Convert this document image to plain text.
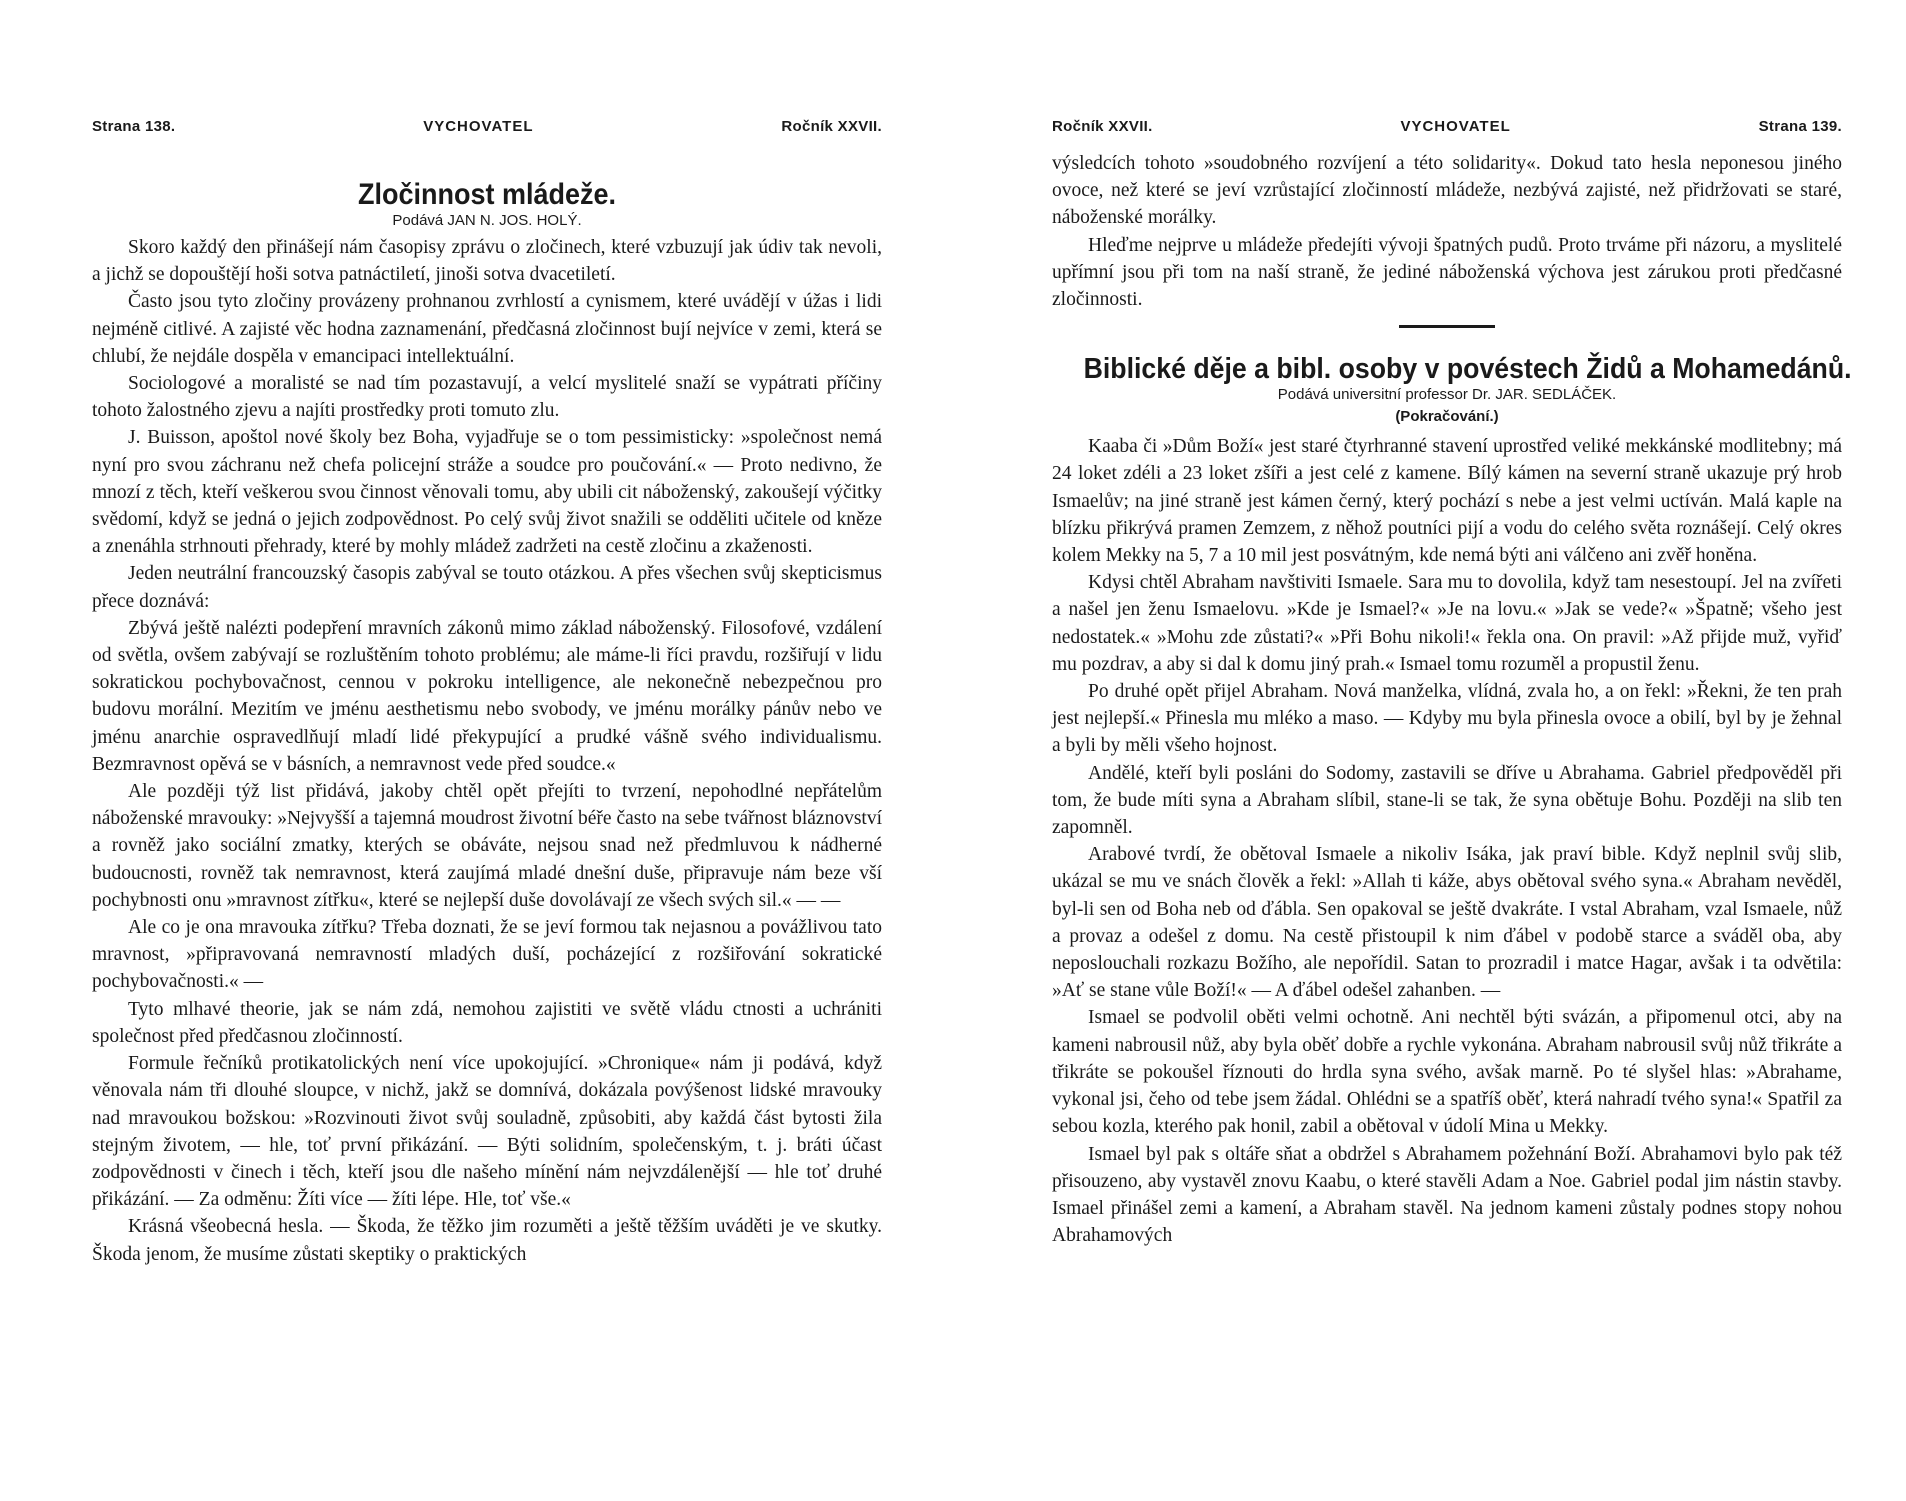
Strana 138.	VYCHOVATEL	Ročník XXVII.
Zločinnost mládeže.
Podává JAN N. JOS. HOLÝ.

Skoro každý den přinášejí nám časopisy zprávu o zločinech, které vzbuzují jak údiv tak nevoli, a jichž se dopouštějí hoši sotva patnáctiletí, jinoši sotva dvacetiletí.

Často jsou tyto zločiny provázeny prohnanou zvrhlostí a cynismem, které uvádějí v úžas i lidi nejméně citlivé. A zajisté věc hodna zaznamenání, předčasná zločinnost bují nejvíce v zemi, která se chlubí, že nejdále dospěla v emancipaci intellektuální.

Sociologové a moralisté se nad tím pozastavují, a velcí myslitelé snaží se vypátrati příčiny tohoto žalostného zjevu a najíti prostředky proti tomuto zlu.

J. Buisson, apoštol nové školy bez Boha, vyjadřuje se o tom pessimisticky: »společnost nemá nyní pro svou záchranu než chefa policejní stráže a soudce pro poučování.« — Proto nedivno, že mnozí z těch, kteří veškerou svou činnost věnovali tomu, aby ubili cit náboženský, zakoušejí výčitky svědomí, když se jedná o jejich zodpovědnost. Po celý svůj život snažili se odděliti učitele od kněze a znenáhla strhnouti přehrady, které by mohly mládež zadržeti na cestě zločinu a zkaženosti.

Jeden neutrální francouzský časopis zabýval se touto otázkou. A přes všechen svůj skepticismus přece doznává:

Zbývá ještě nalézti podepření mravních zákonů mimo základ náboženský. Filosofové, vzdálení od světla, ovšem zabývají se rozluštěním tohoto problému; ale máme-li říci pravdu, rozšiřují v lidu sokratickou pochybovačnost, cennou v pokroku intelligence, ale nekonečně nebezpečnou pro budovu morální. Mezitím ve jménu aesthetismu nebo svobody, ve jménu morálky pánův nebo ve jménu anarchie ospravedlňují mladí lidé překypující a prudké vášně svého individualismu. Bezmravnost opěvá se v básních, a nemravnost vede před soudce.«

Ale později týž list přidává, jakoby chtěl opět přejíti to tvrzení, nepohodlné nepřátelům náboženské mravouky: »Nejvyšší a tajemná moudrost životní béře často na sebe tvářnost bláznovství a rovněž jako sociální zmatky, kterých se obáváte, nejsou snad než předmluvou k nádherné budoucnosti, rovněž tak nemravnost, která zaujímá mladé dnešní duše, připravuje nám beze vší pochybnosti onu »mravnost zítřku«, které se nejlepší duše dovolávají ze všech svých sil.« — —

Ale co je ona mravouka zítřku? Třeba doznati, že se jeví formou tak nejasnou a povážlivou tato mravnost, »připravovaná nemravností mladých duší, pocházející z rozšiřování sokratické pochybovačnosti.« —

Tyto mlhavé theorie, jak se nám zdá, nemohou zajistiti ve světě vládu ctnosti a uchrániti společnost před předčasnou zločinností.

Formule řečníků protikatolických není více upokojující. »Chronique« nám ji podává, když věnovala nám tři dlouhé sloupce, v nichž, jakž se domnívá, dokázala povýšenost lidské mravouky nad mravoukou božskou: »Rozvinouti život svůj souladně, způsobiti, aby každá část bytosti žila stejným životem, — hle, toť první přikázání. — Býti solidním, společenským, t. j. bráti účast zodpovědnosti v činech i těch, kteří jsou dle našeho mínění nám nejvzdálenější — hle toť druhé přikázání. — Za odměnu: Žíti více — žíti lépe. Hle, toť vše.«

Krásná všeobecná hesla. — Škoda, že těžko jim rozuměti a ještě těžším uváděti je ve skutky. Škoda jenom, že musíme zůstati skeptiky o praktických

Ročník XXVII.	VYCHOVATEL	Strana 139.

výsledcích tohoto »soudobného rozvíjení a této solidarity«. Dokud tato hesla neponesou jiného ovoce, než které se jeví vzrůstající zločinností mládeže, nezbývá zajisté, než přidržovati se staré, náboženské morálky.

Hleďme nejprve u mládeže předejíti vývoji špatných pudů. Proto trváme při názoru, a myslitelé upřímní jsou při tom na naší straně, že jediné náboženská výchova jest zárukou proti předčasné zločinnosti.

Biblické děje a bibl. osoby v povéstech Židů a Mohamedánů.
Podává universitní professor Dr. JAR. SEDLÁČEK.
(Pokračování.)

Kaaba či »Dům Boží« jest staré čtyrhranné stavení uprostřed veliké mekkánské modlitebny; má 24 loket zdéli a 23 loket zšíři a jest celé z kamene. Bílý kámen na severní straně ukazuje prý hrob Ismaelův; na jiné straně jest kámen černý, který pochází s nebe a jest velmi uctíván. Malá kaple na blízku přikrývá pramen Zemzem, z něhož poutníci pijí a vodu do celého světa roznášejí. Celý okres kolem Mekky na 5, 7 a 10 mil jest posvátným, kde nemá býti ani válčeno ani zvěř honěna.

Kdysi chtěl Abraham navštiviti Ismaele. Sara mu to dovolila, když tam nesestoupí. Jel na zvířeti a našel jen ženu Ismaelovu. »Kde je Ismael?« »Je na lovu.« »Jak se vede?« »Špatně; všeho jest nedostatek.« »Mohu zde zůstati?« »Při Bohu nikoli!« řekla ona. On pravil: »Až přijde muž, vyřiď mu pozdrav, a aby si dal k domu jiný prah.« Ismael tomu rozuměl a propustil ženu.

Po druhé opět přijel Abraham. Nová manželka, vlídná, zvala ho, a on řekl: »Řekni, že ten prah jest nejlepší.« Přinesla mu mléko a maso. — Kdyby mu byla přinesla ovoce a obilí, byl by je žehnal a byli by měli všeho hojnost.

Andělé, kteří byli posláni do Sodomy, zastavili se dříve u Abrahama. Gabriel předpověděl při tom, že bude míti syna a Abraham slíbil, stane-li se tak, že syna obětuje Bohu. Později na slib ten zapomněl.

Arabové tvrdí, že obětoval Ismaele a nikoliv Isáka, jak praví bible. Když neplnil svůj slib, ukázal se mu ve snách člověk a řekl: »Allah ti káže, abys obětoval svého syna.« Abraham nevěděl, byl-li sen od Boha neb od ďábla. Sen opakoval se ještě dvakráte. I vstal Abraham, vzal Ismaele, nůž a provaz a odešel z domu. Na cestě přistoupil k nim ďábel v podobě starce a sváděl oba, aby neposlouchali rozkazu Božího, ale nepořídil. Satan to prozradil i matce Hagar, avšak i ta odvětila: »Ať se stane vůle Boží!« — A ďábel odešel zahanben. —

Ismael se podvolil oběti velmi ochotně. Ani nechtěl býti svázán, a připomenul otci, aby na kameni nabrousil nůž, aby byla oběť dobře a rychle vykonána. Abraham nabrousil svůj nůž třikráte a třikráte se pokoušel říznouti do hrdla syna svého, avšak marně. Po té slyšel hlas: »Abrahame, vykonal jsi, čeho od tebe jsem žádal. Ohlédni se a spatříš oběť, která nahradí tvého syna!« Spatřil za sebou kozla, kterého pak honil, zabil a obětoval v údolí Mina u Mekky.

Ismael byl pak s oltáře sňat a obdržel s Abrahamem požehnání Boží. Abrahamovi bylo pak též přisouzeno, aby vystavěl znovu Kaabu, o které stavěli Adam a Noe. Gabriel podal jim nástin stavby. Ismael přinášel zemi a kamení, a Abraham stavěl. Na jednom kameni zůstaly podnes stopy nohou Abrahamových
